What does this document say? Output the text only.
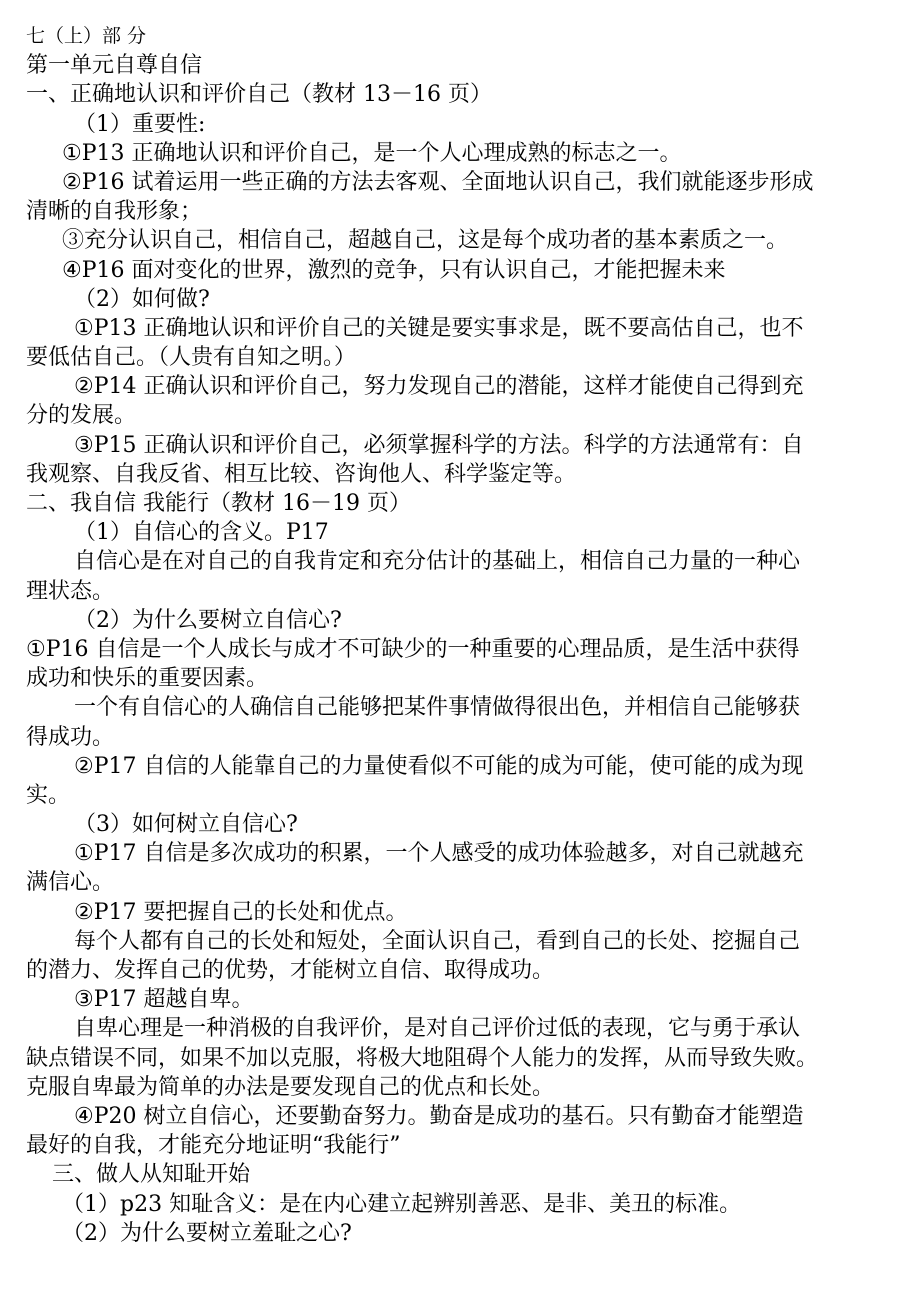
七（上）部 分
第一单元自尊自信
一、正确地认识和评价自己（教材 13－16 页）
（1）重要性:
①P13 正确地认识和评价自己，是一个人心理成熟的标志之一。
②P16 试着运用一些正确的方法去客观、全面地认识自己，我们就能逐步形成
清晰的自我形象；
③充分认识自己，相信自己，超越自己，这是每个成功者的基本素质之一。
④P16 面对变化的世界，激烈的竞争，只有认识自己，才能把握未来
（2）如何做?
①P13 正确地认识和评价自己的关键是要实事求是，既不要高估自己，也不
要低估自己。（人贵有自知之明。）
②P14 正确认识和评价自己，努力发现自己的潜能，这样才能使自己得到充
分的发展。
③P15 正确认识和评价自己，必须掌握科学的方法。科学的方法通常有：自
我观察、自我反省、相互比较、咨询他人、科学鉴定等。
二、我自信 我能行（教材 16－19 页）
（1）自信心的含义。P17
自信心是在对自己的自我肯定和充分估计的基础上，相信自己力量的一种心
理状态。
（2）为什么要树立自信心?
①P16 自信是一个人成长与成才不可缺少的一种重要的心理品质，是生活中获得
成功和快乐的重要因素。
一个有自信心的人确信自己能够把某件事情做得很出色，并相信自己能够获
得成功。
②P17 自信的人能靠自己的力量使看似不可能的成为可能，使可能的成为现
实。
（3）如何树立自信心?
①P17 自信是多次成功的积累，一个人感受的成功体验越多，对自己就越充
满信心。
②P17 要把握自己的长处和优点。
每个人都有自己的长处和短处，全面认识自己，看到自己的长处、挖掘自己
的潜力、发挥自己的优势，才能树立自信、取得成功。
③P17 超越自卑。
自卑心理是一种消极的自我评价，是对自己评价过低的表现，它与勇于承认
缺点错误不同，如果不加以克服，将极大地阻碍个人能力的发挥，从而导致失败。
克服自卑最为简单的办法是要发现自己的优点和长处。
④P20 树立自信心，还要勤奋努力。勤奋是成功的基石。只有勤奋才能塑造
最好的自我，才能充分地证明“我能行”
三、做人从知耻开始
（1）p23 知耻含义：是在内心建立起辨别善恶、是非、美丑的标准。
（2）为什么要树立羞耻之心?
